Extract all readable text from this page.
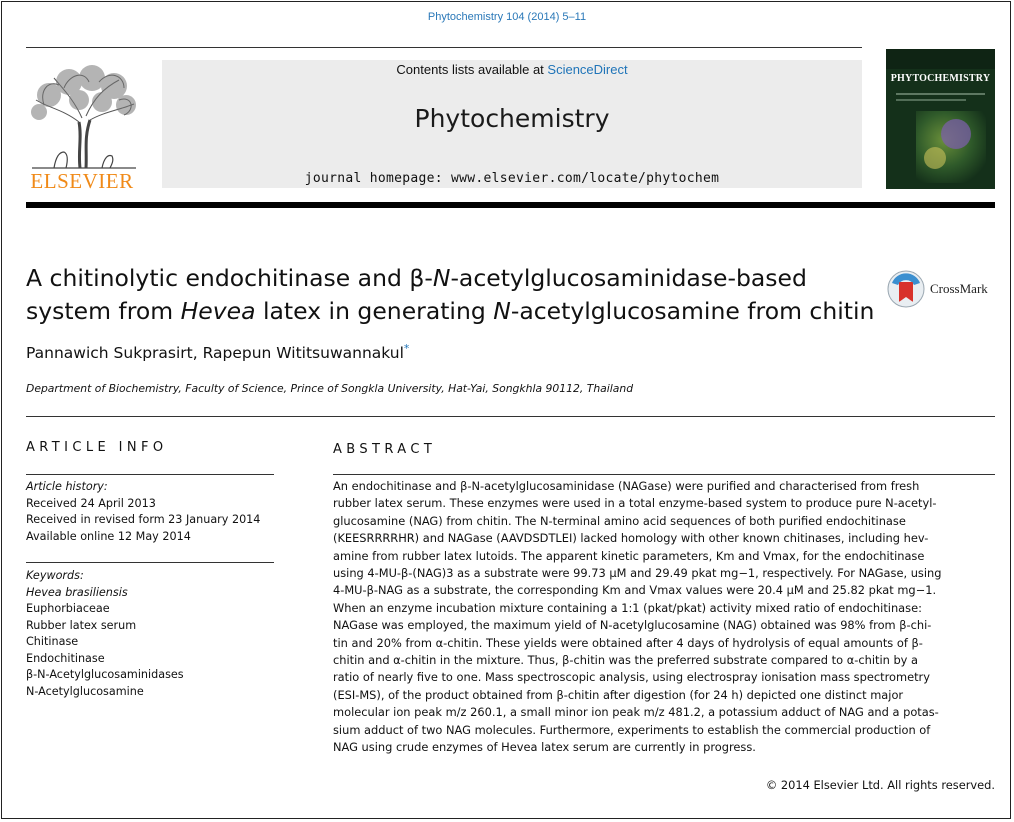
Phytochemistry 104 (2014) 5–11
ELSEVIER
Contents lists available at ScienceDirect
Phytochemistry
journal homepage: www.elsevier.com/locate/phytochem
PHYTOCHEMISTRY
A chitinolytic endochitinase and β-N-acetylglucosaminidase-based
system from Hevea latex in generating N-acetylglucosamine from chitin
CrossMark
Pannawich Sukprasirt, Rapepun Wititsuwannakul*
Department of Biochemistry, Faculty of Science, Prince of Songkla University, Hat-Yai, Songkhla 90112, Thailand
ARTICLE INFO
Article history:
Received 24 April 2013
Received in revised form 23 January 2014
Available online 12 May 2014
Keywords:
Hevea brasiliensis
Euphorbiaceae
Rubber latex serum
Chitinase
Endochitinase
β-N-Acetylglucosaminidases
N-Acetylglucosamine
ABSTRACT
An endochitinase and β-N-acetylglucosaminidase (NAGase) were purified and characterised from fresh
rubber latex serum. These enzymes were used in a total enzyme-based system to produce pure N-acetyl-
glucosamine (NAG) from chitin. The N-terminal amino acid sequences of both purified endochitinase
(KEESRRRRHR) and NAGase (AAVDSDTLEI) lacked homology with other known chitinases, including hev-
amine from rubber latex lutoids. The apparent kinetic parameters, Km and Vmax, for the endochitinase
using 4-MU-β-(NAG)3 as a substrate were 99.73 μM and 29.49 pkat mg−1, respectively. For NAGase, using
4-MU-β-NAG as a substrate, the corresponding Km and Vmax values were 20.4 μM and 25.82 pkat mg−1.
When an enzyme incubation mixture containing a 1:1 (pkat/pkat) activity mixed ratio of endochitinase:
NAGase was employed, the maximum yield of N-acetylglucosamine (NAG) obtained was 98% from β-chi-
tin and 20% from α-chitin. These yields were obtained after 4 days of hydrolysis of equal amounts of β-
chitin and α-chitin in the mixture. Thus, β-chitin was the preferred substrate compared to α-chitin by a
ratio of nearly five to one. Mass spectroscopic analysis, using electrospray ionisation mass spectrometry
(ESI-MS), of the product obtained from β-chitin after digestion (for 24 h) depicted one distinct major
molecular ion peak m/z 260.1, a small minor ion peak m/z 481.2, a potassium adduct of NAG and a potas-
sium adduct of two NAG molecules. Furthermore, experiments to establish the commercial production of
NAG using crude enzymes of Hevea latex serum are currently in progress.
© 2014 Elsevier Ltd. All rights reserved.
